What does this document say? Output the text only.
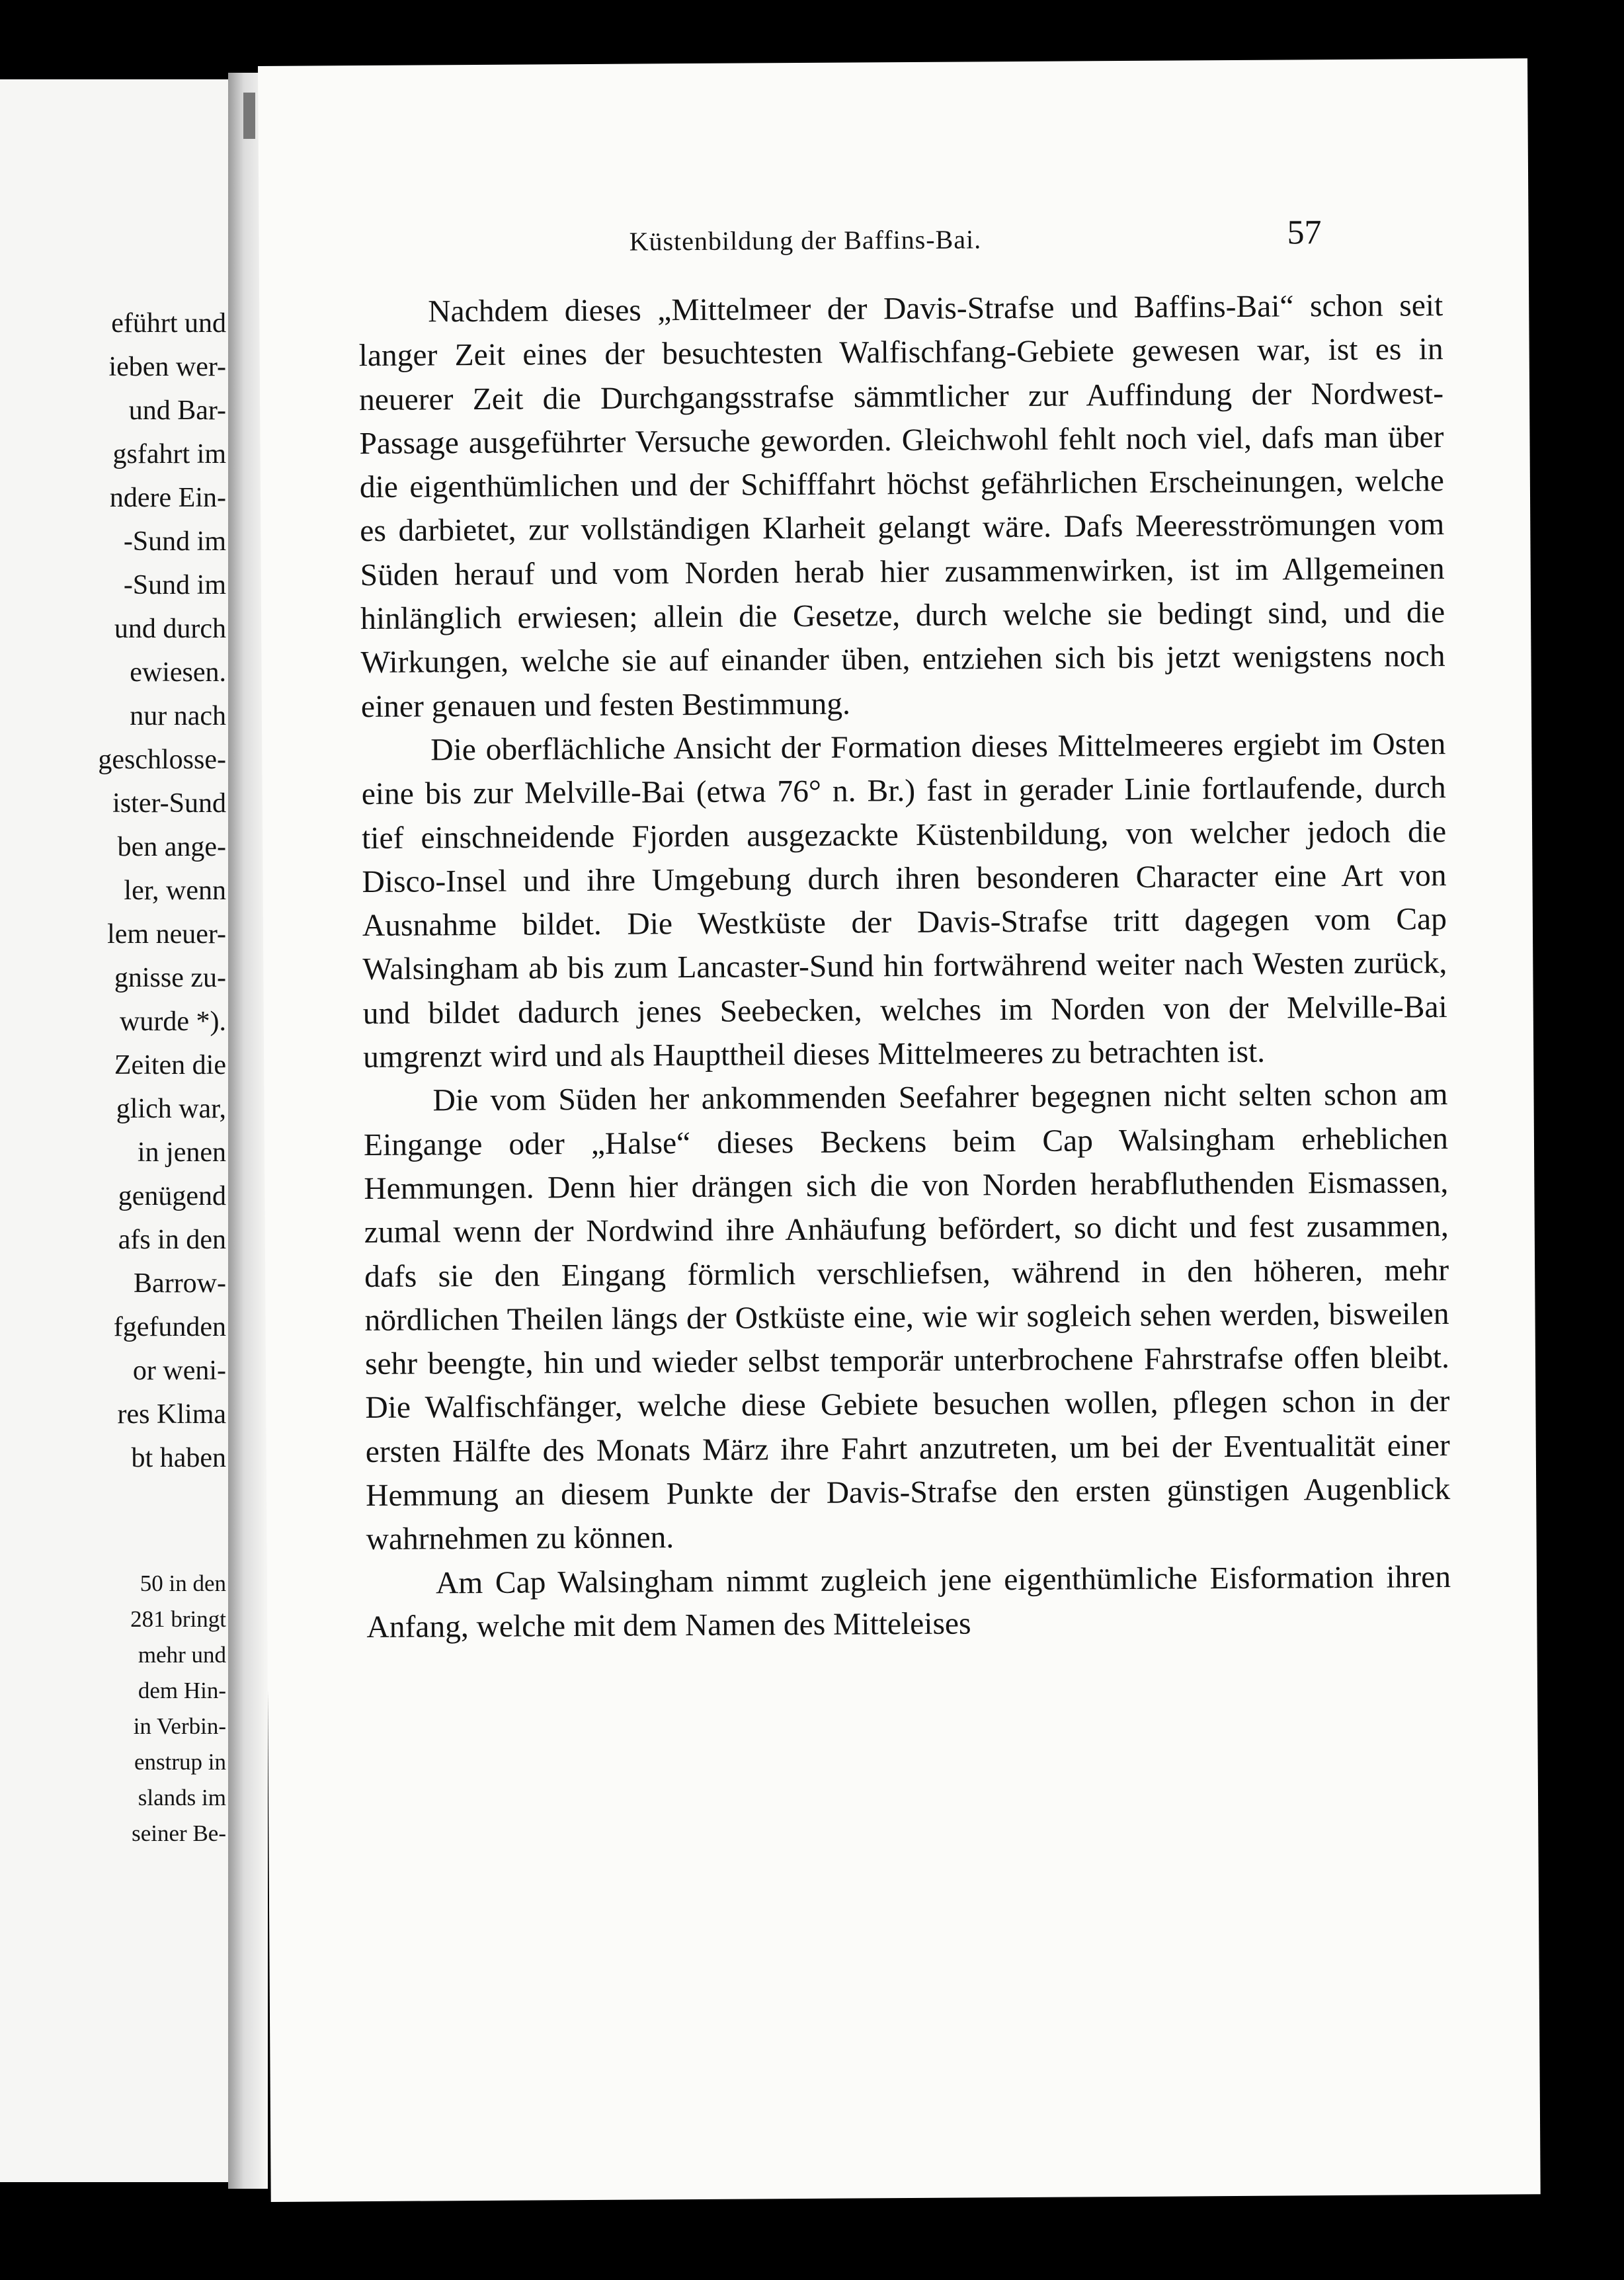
eführt und
ieben wer-
und Bar-
gsfahrt im
ndere Ein-
-Sund im
-Sund im
und durch
ewiesen.
nur nach
geschlosse-
ister-Sund
ben ange-
ler, wenn
lem neuer-
gnisse zu-
wurde *).
Zeiten die
glich war,
in jenen
genügend
afs in den
Barrow-
fgefunden
or weni-
res Klima
bt haben
50 in den
281 bringt
mehr und
dem Hin-
in Verbin-
enstrup in
slands im
seiner Be-
Küstenbildung der Baffins-Bai.	57

Nachdem dieses „Mittelmeer der Davis-Strafse und Baffins-Bai“ schon seit langer Zeit eines der besuchtesten Walfischfang-Gebiete gewesen war, ist es in neuerer Zeit die Durchgangsstrafse sämmtlicher zur Auffindung der Nordwest-Passage ausgeführter Versuche geworden. Gleichwohl fehlt noch viel, dafs man über die eigenthümlichen und der Schifffahrt höchst gefährlichen Erscheinungen, welche es darbietet, zur vollständigen Klarheit gelangt wäre. Dafs Meeresströmungen vom Süden herauf und vom Norden herab hier zusammenwirken, ist im Allgemeinen hinlänglich erwiesen; allein die Gesetze, durch welche sie bedingt sind, und die Wirkungen, welche sie auf einander üben, entziehen sich bis jetzt wenigstens noch einer genauen und festen Bestimmung.

Die oberflächliche Ansicht der Formation dieses Mittelmeeres ergiebt im Osten eine bis zur Melville-Bai (etwa 76° n. Br.) fast in gerader Linie fortlaufende, durch tief einschneidende Fjorden ausgezackte Küstenbildung, von welcher jedoch die Disco-Insel und ihre Umgebung durch ihren besonderen Character eine Art von Ausnahme bildet. Die Westküste der Davis-Strafse tritt dagegen vom Cap Walsingham ab bis zum Lancaster-Sund hin fortwährend weiter nach Westen zurück, und bildet dadurch jenes Seebecken, welches im Norden von der Melville-Bai umgrenzt wird und als Haupttheil dieses Mittelmeeres zu betrachten ist.

Die vom Süden her ankommenden Seefahrer begegnen nicht selten schon am Eingange oder „Halse“ dieses Beckens beim Cap Walsingham erheblichen Hemmungen. Denn hier drängen sich die von Norden herabfluthenden Eismassen, zumal wenn der Nordwind ihre Anhäufung befördert, so dicht und fest zusammen, dafs sie den Eingang förmlich verschliefsen, während in den höheren, mehr nördlichen Theilen längs der Ostküste eine, wie wir sogleich sehen werden, bisweilen sehr beengte, hin und wieder selbst temporär unterbrochene Fahrstrafse offen bleibt. Die Walfischfänger, welche diese Gebiete besuchen wollen, pflegen schon in der ersten Hälfte des Monats März ihre Fahrt anzutreten, um bei der Eventualität einer Hemmung an diesem Punkte der Davis-Strafse den ersten günstigen Augenblick wahrnehmen zu können.

Am Cap Walsingham nimmt zugleich jene eigenthümliche Eisformation ihren Anfang, welche mit dem Namen des Mitteleises
